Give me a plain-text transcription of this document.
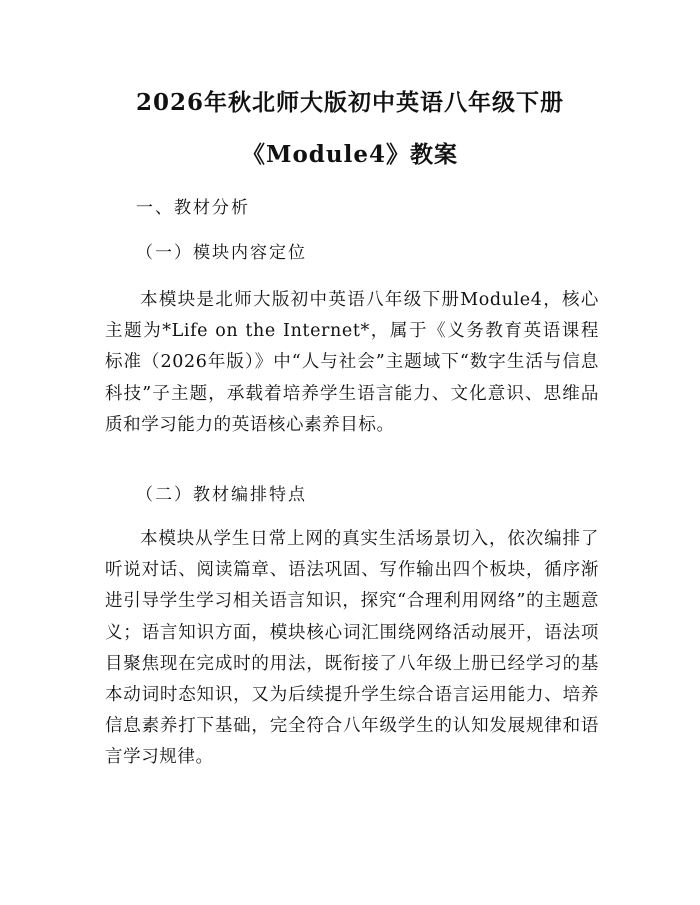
2026年秋北师大版初中英语八年级下册
《Module4》教案
一、教材分析
（一）模块内容定位

本模块是北师大版初中英语八年级下册Module4，核心主题为*Life on the Internet*，属于《义务教育英语课程标准（2026年版）》中“人与社会”主题域下“数字生活与信息科技”子主题，承载着培养学生语言能力、文化意识、思维品质和学习能力的英语核心素养目标。

（二）教材编排特点

本模块从学生日常上网的真实生活场景切入，依次编排了听说对话、阅读篇章、语法巩固、写作输出四个板块，循序渐进引导学生学习相关语言知识，探究“合理利用网络”的主题意义；语言知识方面，模块核心词汇围绕网络活动展开，语法项目聚焦现在完成时的用法，既衔接了八年级上册已经学习的基本动词时态知识，又为后续提升学生综合语言运用能力、培养信息素养打下基础，完全符合八年级学生的认知发展规律和语言学习规律。
